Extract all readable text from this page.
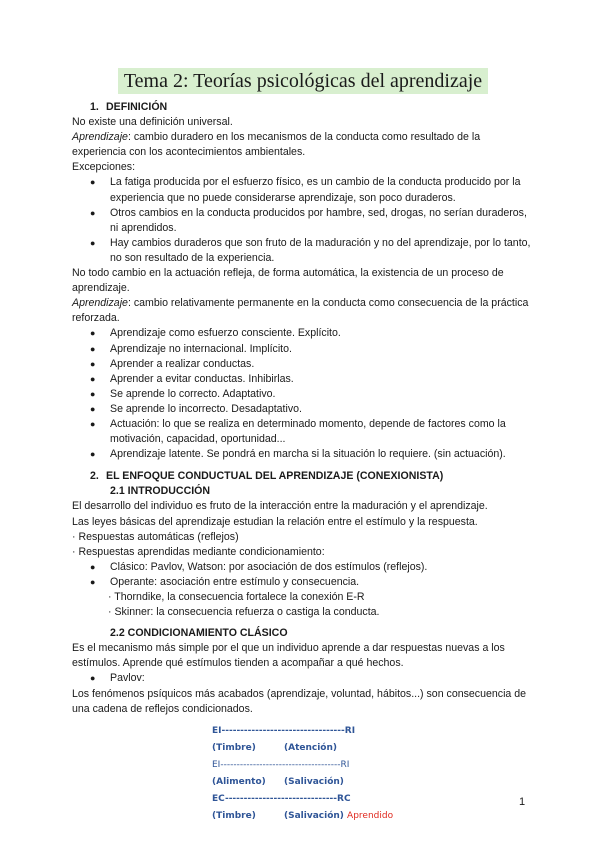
Tema 2: Teorías psicológicas del aprendizaje
1. DEFINICIÓN

No existe una definición universal.

Aprendizaje: cambio duradero en los mecanismos de la conducta como resultado de la experiencia con los acontecimientos ambientales.

Excepciones:

● La fatiga producida por el esfuerzo físico, es un cambio de la conducta producido por la experiencia que no puede considerarse aprendizaje, son poco duraderos.
● Otros cambios en la conducta producidos por hambre, sed, drogas, no serían duraderos, ni aprendidos.
● Hay cambios duraderos que son fruto de la maduración y no del aprendizaje, por lo tanto, no son resultado de la experiencia.

No todo cambio en la actuación refleja, de forma automática, la existencia de un proceso de aprendizaje.

Aprendizaje: cambio relativamente permanente en la conducta como consecuencia de la práctica reforzada.

● Aprendizaje como esfuerzo consciente. Explícito.
● Aprendizaje no internacional. Implícito.
● Aprender a realizar conductas.
● Aprender a evitar conductas. Inhibirlas.
● Se aprende lo correcto. Adaptativo.
● Se aprende lo incorrecto. Desadaptativo.
● Actuación: lo que se realiza en determinado momento, depende de factores como la motivación, capacidad, oportunidad...
● Aprendizaje latente. Se pondrá en marcha si la situación lo requiere. (sin actuación).
2. EL ENFOQUE CONDUCTUAL DEL APRENDIZAJE (CONEXIONISTA)
2.1 INTRODUCCIÓN

El desarrollo del individuo es fruto de la interacción entre la maduración y el aprendizaje.

Las leyes básicas del aprendizaje estudian la relación entre el estímulo y la respuesta.

· Respuestas automáticas (reflejos)

· Respuestas aprendidas mediante condicionamiento:

● Clásico: Pavlov, Watson: por asociación de dos estímulos (reflejos).
● Operante: asociación entre estímulo y consecuencia.

· Thorndike, la consecuencia fortalece la conexión E-R

· Skinner: la consecuencia refuerza o castiga la conducta.

2.2 CONDICIONAMIENTO CLÁSICO

Es el mecanismo más simple por el que un individuo aprende a dar respuestas nuevas a los estímulos. Aprende qué estímulos tienden a acompañar a qué hechos.

● Pavlov:

Los fenómenos psíquicos más acabados (aprendizaje, voluntad, hábitos...) son consecuencia de una cadena de reflejos condicionados.

EI---------------------------------RI
(Timbre)	(Atención)
EI-------------------------------------RI
(Alimento) (Salivación)
EC------------------------------RC
(Timbre)	(Salivación) Aprendido
1
